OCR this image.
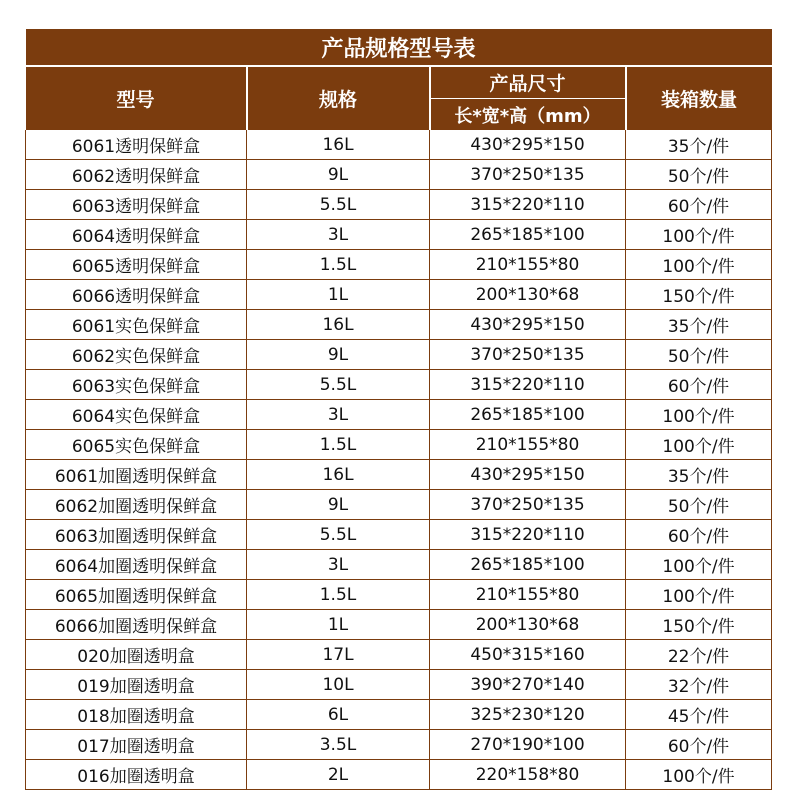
产品规格型号表			
型号	规格	产品尺寸	装箱数量
		长*宽*高（mm）	
6061透明保鲜盒	16L	430*295*150	35个/件
6062透明保鲜盒	9L	370*250*135	50个/件
6063透明保鲜盒	5.5L	315*220*110	60个/件
6064透明保鲜盒	3L	265*185*100	100个/件
6065透明保鲜盒	1.5L	210*155*80	100个/件
6066透明保鲜盒	1L	200*130*68	150个/件
6061实色保鲜盒	16L	430*295*150	35个/件
6062实色保鲜盒	9L	370*250*135	50个/件
6063实色保鲜盒	5.5L	315*220*110	60个/件
6064实色保鲜盒	3L	265*185*100	100个/件
6065实色保鲜盒	1.5L	210*155*80	100个/件
6061加圈透明保鲜盒	16L	430*295*150	35个/件
6062加圈透明保鲜盒	9L	370*250*135	50个/件
6063加圈透明保鲜盒	5.5L	315*220*110	60个/件
6064加圈透明保鲜盒	3L	265*185*100	100个/件
6065加圈透明保鲜盒	1.5L	210*155*80	100个/件
6066加圈透明保鲜盒	1L	200*130*68	150个/件
020加圈透明盒	17L	450*315*160	22个/件
019加圈透明盒	10L	390*270*140	32个/件
018加圈透明盒	6L	325*230*120	45个/件
017加圈透明盒	3.5L	270*190*100	60个/件
016加圈透明盒	2L	220*158*80	100个/件
